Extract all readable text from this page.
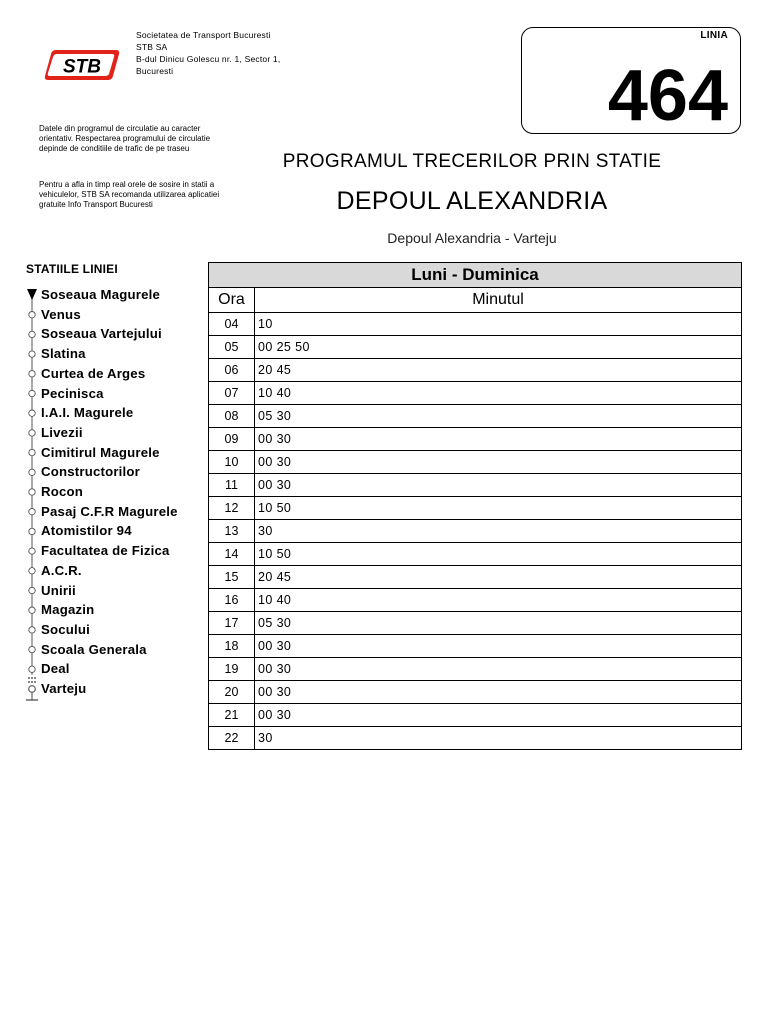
STB
Societatea de Transport Bucuresti
STB SA
B-dul Dinicu Golescu nr. 1, Sector 1,
Bucuresti
LINIA
464
Datele din programul de circulatie au caracter orientativ. Respectarea programului de circulatie depinde de conditiile de trafic de pe traseu
Pentru a afla in timp real orele de sosire in statii a vehiculelor, STB SA recomanda utilizarea aplicatiei gratuite Info Transport Bucuresti
PROGRAMUL TRECERILOR PRIN STATIE
DEPOUL ALEXANDRIA
Depoul Alexandria - Varteju
STATIILE LINIEI
Soseaua Magurele
Venus
Soseaua Vartejului
Slatina
Curtea de Arges
Pecinisca
I.A.I. Magurele
Livezii
Cimitirul Magurele
Constructorilor
Rocon
Pasaj C.F.R Magurele
Atomistilor 94
Facultatea de Fizica
A.C.R.
Unirii
Magazin
Socului
Scoala Generala
Deal
Varteju
Luni - Duminica
Ora	Minutul
04	10
05	00 25 50
06	20 45
07	10 40
08	05 30
09	00 30
10	00 30
11	00 30
12	10 50
13	30
14	10 50
15	20 45
16	10 40
17	05 30
18	00 30
19	00 30
20	00 30
21	00 30
22	30
